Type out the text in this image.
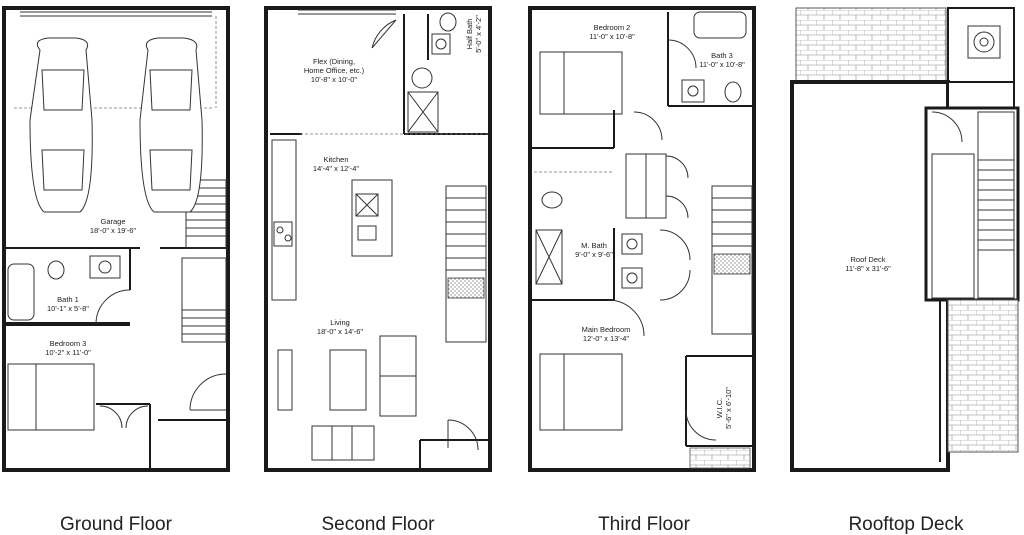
Garage
18'-0" x 19'-6"
Bath 1
10'-1" x 5'-8"
Bedroom 3
10'-2" x 11'-0"
Flex (Dining,
Home Office, etc.)
10'-8" x 10'-0"
Half Bath 5'-0" x 4'-2"
Kitchen
14'-4" x 12'-4"
Living
18'-0" x 14'-6"
Bedroom 2
11'-0" x 10'-8"
Bath 3
11'-0" x 10'-8"
M. Bath
9'-0" x 9'-6"
Main Bedroom
12'-0" x 13'-4"
W.I.C. 5'-6" x 6'-10"
Roof Deck
11'-8" x 31'-6"
Ground Floor	Second Floor	Third Floor	Rooftop Deck
